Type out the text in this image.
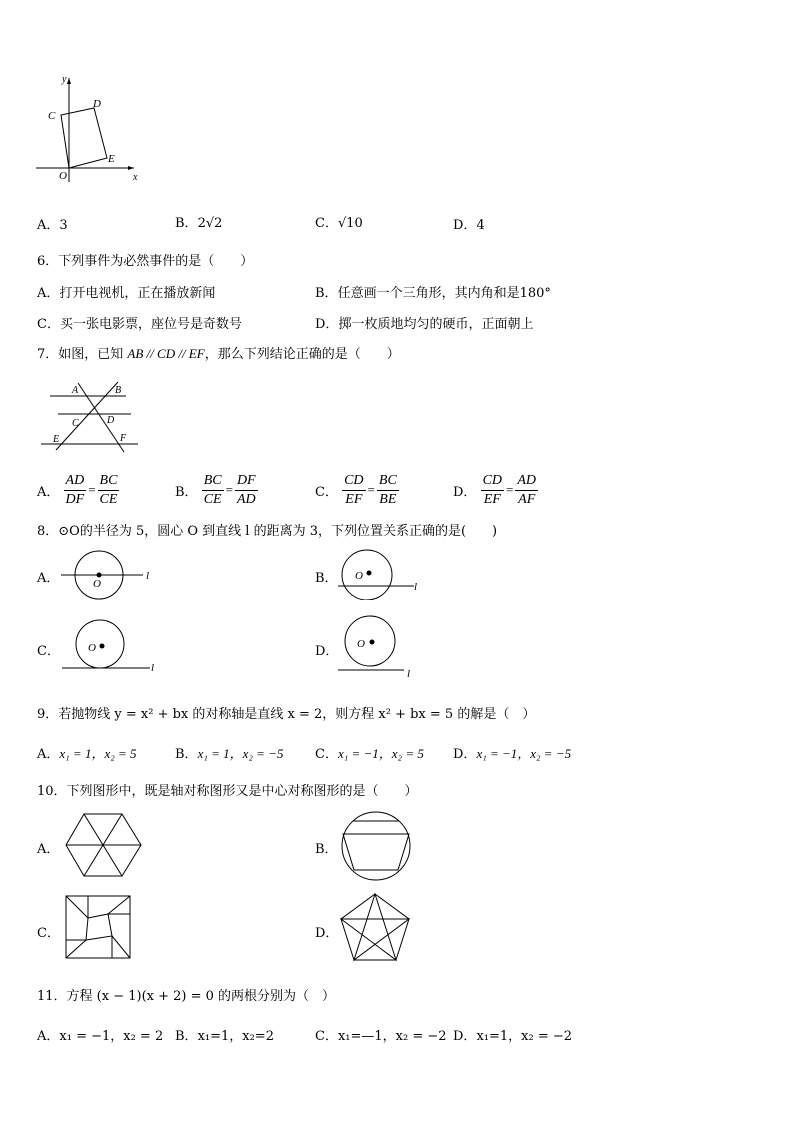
y
x
O
C
D
E
A．3	B．2√2	C．√10	D．4
6．下列事件为必然事件的是（　　）
A．打开电视机，正在播放新闻	B．任意画一个三角形，其内角和是180°
C．买一张电影票，座位号是奇数号	D．掷一枚质地均匀的硬币，正面朝上
7．如图，已知 AB // CD // EF，那么下列结论正确的是（　　）
A	B
C	D
E	F
A． $\frac{AD}{DF} = \frac{BC}{CE}$	B． $\frac{BC}{CE} = \frac{DF}{AD}$	C． $\frac{CD}{EF} = \frac{BC}{BE}$	D． $\frac{CD}{EF} = \frac{AD}{AF}$
8．⊙O的半径为 5，圆心 O 到直线 l 的距离为 3，下列位置关系正确的是(　　)
A．	O
l	B． O
l
C．	O
l
D． O
l
9．若抛物线 y = x² + bx 的对称轴是直线 x = 2，则方程 x² + bx = 5 的解是（　）
A．x₁ = 1，x₂ = 5	B．x₁ = 1，x₂ = −5 C．x₁ = −1，x₂ = 5 D．x₁ = −1，x₂ = −5
10．下列图形中，既是轴对称图形又是中心对称图形的是（　　）
A．	B．
C．	D．
11．方程 (x − 1)(x + 2) = 0 的两根分别为（　）
A．x₁ = −1，x₂ = 2 B．x₁=1，x₂=2	C．x₁=—1，x₂ = −2 D．x₁=1，x₂ = −2
